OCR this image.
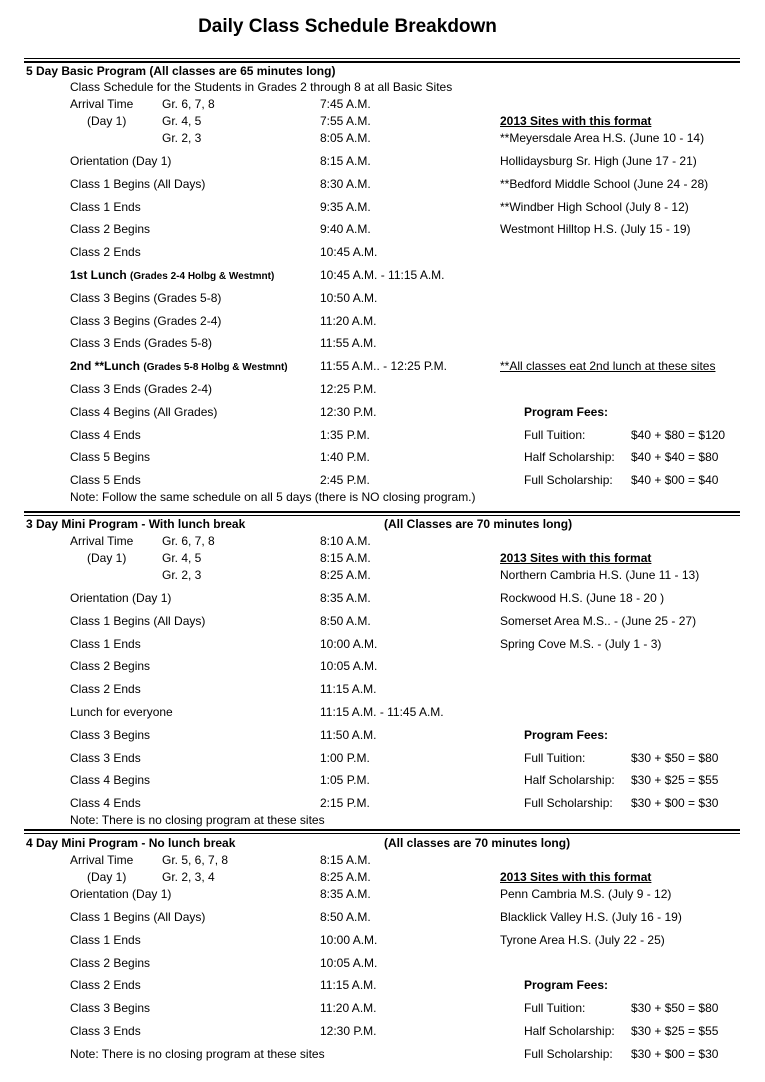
Daily Class Schedule Breakdown
5 Day Basic Program (All classes are 65 minutes long)
Class Schedule for the Students in Grades 2 through 8 at all Basic Sites
Arrival Time
(Day 1)
Gr. 6, 7, 8	7:45 A.M.
Gr. 4, 5	7:55 A.M.
Gr. 2, 3	8:05 A.M.
Orientation (Day 1)	8:15 A.M.
Class 1 Begins (All Days)	8:30 A.M.
Class 1 Ends	9:35 A.M.
Class 2 Begins	9:40 A.M.
Class 2 Ends	10:45 A.M.
1st Lunch (Grades 2-4 Holbg & Westmnt)	10:45 A.M. - 11:15 A.M.
Class 3 Begins (Grades 5-8)	10:50 A.M.
Class 3 Begins (Grades 2-4)	11:20 A.M.
Class 3 Ends (Grades 5-8)	11:55 A.M.
2nd **Lunch (Grades 5-8 Holbg & Westmnt)	11:55 A.M.. - 12:25 P.M.
Class 3 Ends (Grades 2-4)	12:25 P.M.
Class 4 Begins (All Grades)	12:30 P.M.
Class 4 Ends	1:35 P.M.
Class 5 Begins	1:40 P.M.
Class 5 Ends	2:45 P.M.
Note: Follow the same schedule on all 5 days (there is NO closing program.)
2013 Sites with this format
**Meyersdale Area H.S. (June 10 - 14)
Hollidaysburg Sr. High (June 17 - 21)
**Bedford Middle School (June 24 - 28)
**Windber High School (July 8 - 12)
Westmont Hilltop H.S. (July 15 - 19)
**All classes eat 2nd lunch at these sites
Program Fees:
Full Tuition:	$40 + $80 = $120
Half Scholarship: $40 + $40 = $80
Full Scholarship: $40 + $00 = $40
3 Day Mini Program - With lunch break	(All Classes are 70 minutes long)
Arrival Time
(Day 1)
Gr. 6, 7, 8	8:10 A.M.
Gr. 4, 5	8:15 A.M.
Gr. 2, 3	8:25 A.M.
Orientation (Day 1)	8:35 A.M.
Class 1 Begins (All Days)	8:50 A.M.
Class 1 Ends	10:00 A.M.
Class 2 Begins	10:05 A.M.
Class 2 Ends	11:15 A.M.
Lunch for everyone	11:15 A.M. - 11:45 A.M.
Class 3 Begins	11:50 A.M.
Class 3 Ends	1:00 P.M.
Class 4 Begins	1:05 P.M.
Class 4 Ends	2:15 P.M.
Note: There is no closing program at these sites
2013 Sites with this format
Northern Cambria H.S. (June 11 - 13)
Rockwood H.S. (June 18 - 20 )
Somerset Area M.S.. - (June 25 - 27)
Spring Cove M.S. - (July 1 - 3)
Program Fees:
Full Tuition:	$30 + $50 = $80
Half Scholarship: $30 + $25 = $55
Full Scholarship: $30 + $00 = $30
4 Day Mini Program - No lunch break	(All classes are 70 minutes long)
Arrival Time
(Day 1)
Gr. 5, 6, 7, 8	8:15 A.M.
Gr. 2, 3, 4	8:25 A.M.
Orientation (Day 1)	8:35 A.M.
Class 1 Begins (All Days)	8:50 A.M.
Class 1 Ends	10:00 A.M.
Class 2 Begins	10:05 A.M.
Class 2 Ends	11:15 A.M.
Class 3 Begins	11:20 A.M.
Class 3 Ends	12:30 P.M.
Note: There is no closing program at these sites
2013 Sites with this format
Penn Cambria M.S. (July 9 - 12)
Blacklick Valley H.S. (July 16 - 19)
Tyrone Area H.S. (July 22 - 25)
Program Fees:
Full Tuition:	$30 + $50 = $80
Half Scholarship: $30 + $25 = $55
Full Scholarship: $30 + $00 = $30
